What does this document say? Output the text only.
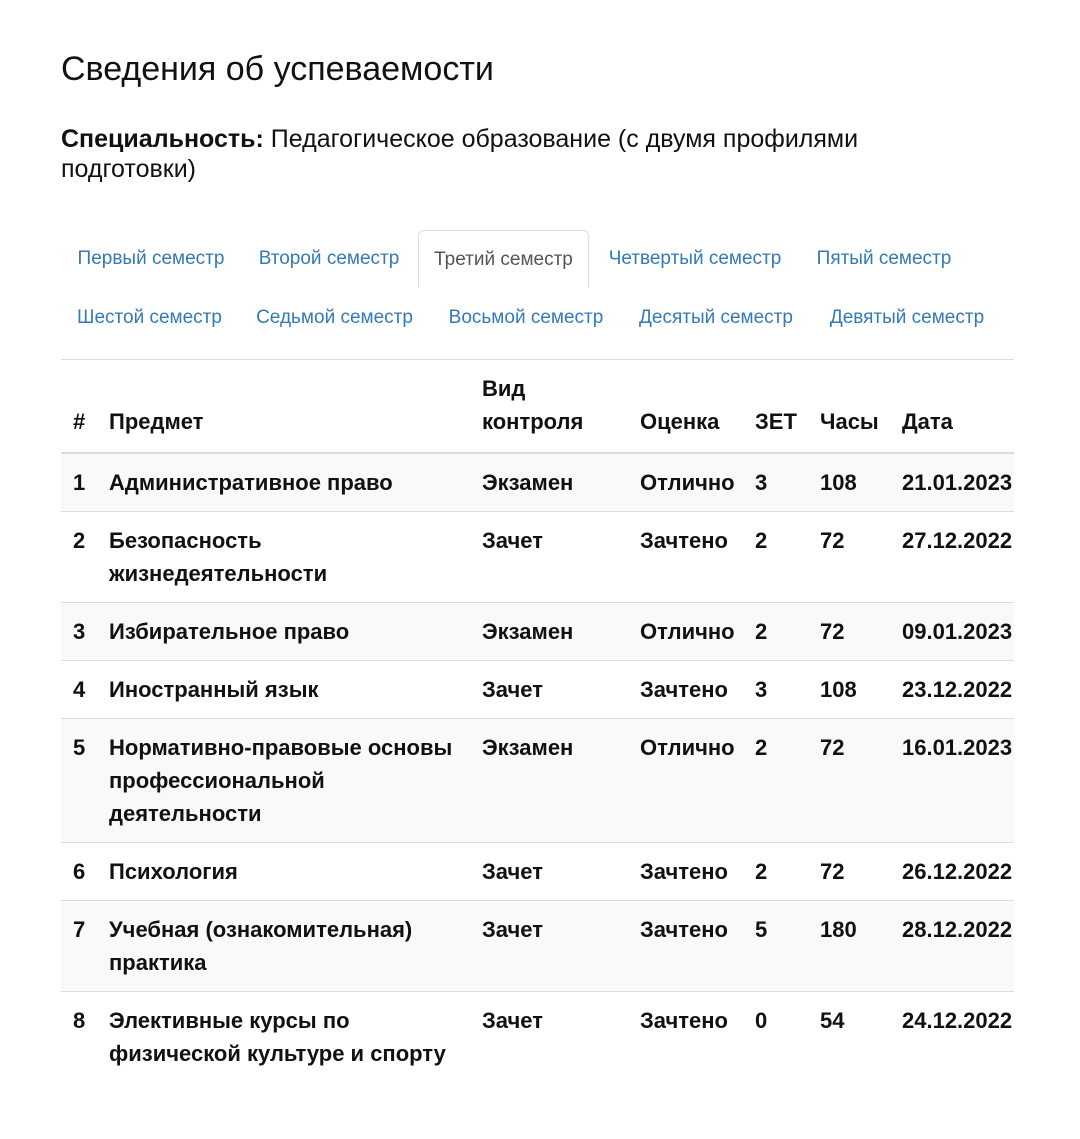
Сведения об успеваемости
Специальность: Педагогическое образование (с двумя профилями подготовки)
Первый семестр	Второй семестр	Третий семестр	Четвертый семестр	Пятый семестр
Шестой семестр	Седьмой семестр	Восьмой семестр	Десятый семестр	Девятый семестр
#	Предмет	Вид контроля	Оценка	ЗЕТ	Часы	Дата
1	Административное право	Экзамен	Отлично	3	108	21.01.2023
2	Безопасность жизнедеятельности	Зачет	Зачтено	2	72	27.12.2022
3	Избирательное право	Экзамен	Отлично	2	72	09.01.2023
4	Иностранный язык	Зачет	Зачтено	3	108	23.12.2022
5	Нормативно-правовые основы профессиональной деятельности	Экзамен	Отлично	2	72	16.01.2023
6	Психология	Зачет	Зачтено	2	72	26.12.2022
7	Учебная (ознакомительная) практика	Зачет	Зачтено	5	180	28.12.2022
8	Элективные курсы по физической культуре и спорту	Зачет	Зачтено	0	54	24.12.2022
